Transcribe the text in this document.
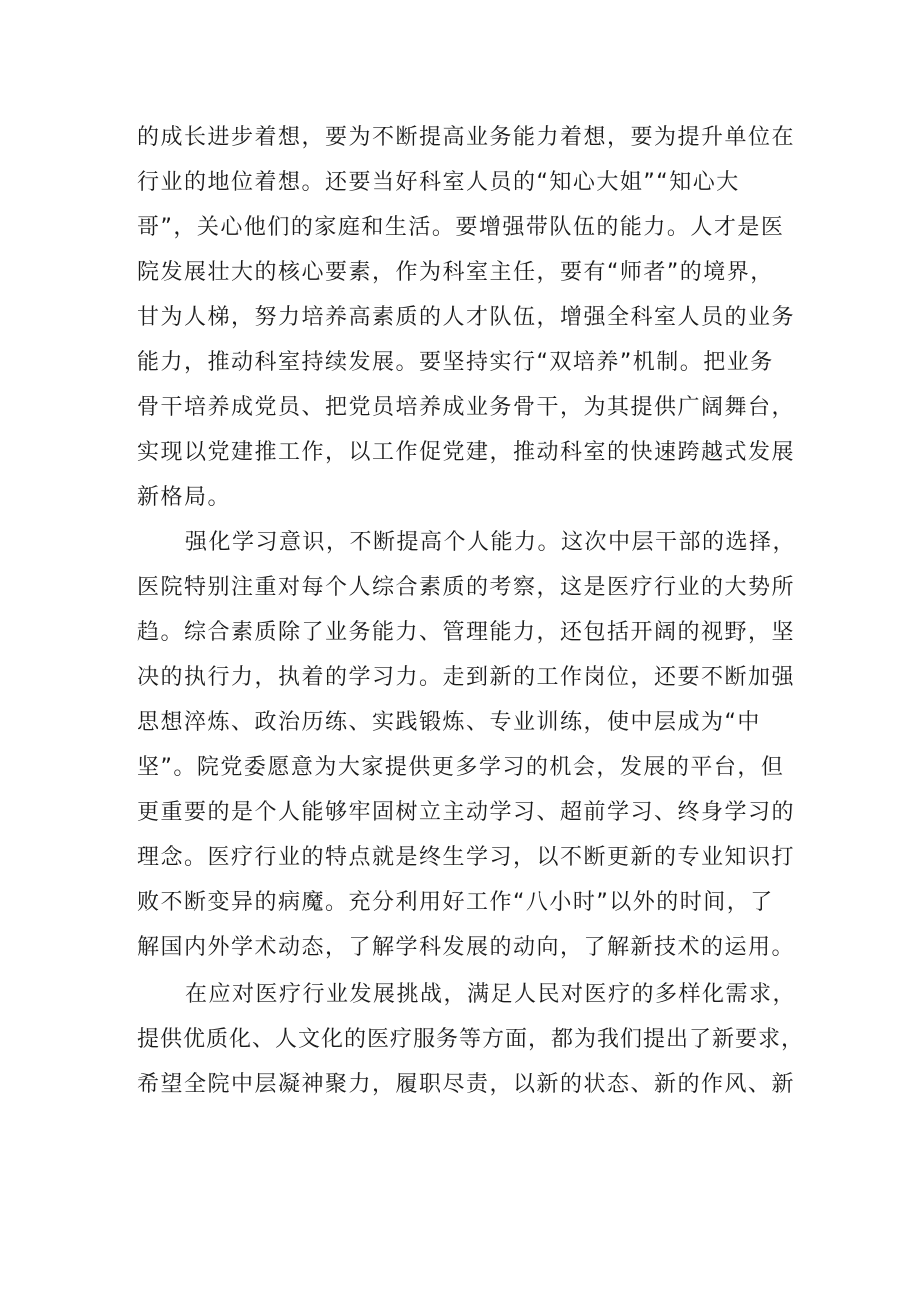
的成长进步着想，要为不断提高业务能力着想，要为提升单位在
行业的地位着想。还要当好科室人员的“知心大姐”“知心大
哥”，关心他们的家庭和生活。要增强带队伍的能力。人才是医
院发展壮大的核心要素，作为科室主任，要有“师者”的境界，
甘为人梯，努力培养高素质的人才队伍，增强全科室人员的业务
能力，推动科室持续发展。要坚持实行“双培养”机制。把业务
骨干培养成党员、把党员培养成业务骨干，为其提供广阔舞台，
实现以党建推工作，以工作促党建，推动科室的快速跨越式发展
新格局。
强化学习意识，不断提高个人能力。这次中层干部的选择，
医院特别注重对每个人综合素质的考察，这是医疗行业的大势所
趋。综合素质除了业务能力、管理能力，还包括开阔的视野，坚
决的执行力，执着的学习力。走到新的工作岗位，还要不断加强
思想淬炼、政治历练、实践锻炼、专业训练，使中层成为“中
坚”。院党委愿意为大家提供更多学习的机会，发展的平台，但
更重要的是个人能够牢固树立主动学习、超前学习、终身学习的
理念。医疗行业的特点就是终生学习，以不断更新的专业知识打
败不断变异的病魔。充分利用好工作“八小时”以外的时间，了
解国内外学术动态，了解学科发展的动向，了解新技术的运用。
在应对医疗行业发展挑战，满足人民对医疗的多样化需求，
提供优质化、人文化的医疗服务等方面，都为我们提出了新要求，
希望全院中层凝神聚力，履职尽责，以新的状态、新的作风、新
